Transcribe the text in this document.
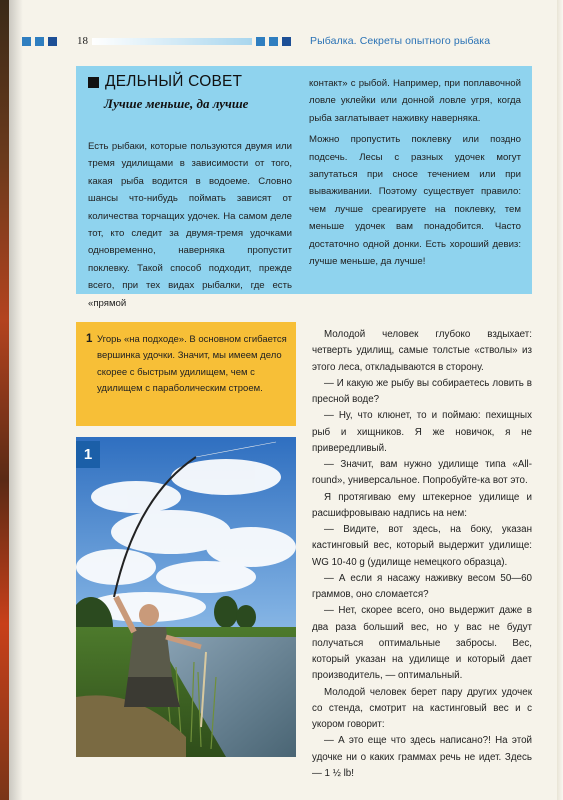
18	Рыбалка. Секреты опытного рыбака
ДЕЛЬНЫЙ СОВЕТ
Лучше меньше, да лучше

Есть рыбаки, которые пользуются двумя или тремя удилищами в зависимости от того, какая рыба водится в водоеме. Словно шансы что-нибудь поймать зависят от количества торчащих удочек. На самом деле тот, кто следит за двумя-тремя удочками одновременно, наверняка пропустит поклевку. Такой способ подходит, прежде всего, при тех видах рыбалки, где есть «прямой

контакт» с рыбой. Например, при поплавочной ловле уклейки или донной ловле угря, когда рыба заглатывает наживку наверняка.

Можно пропустить поклевку или поздно подсечь. Лесы с разных удочек могут запутаться при сносе течением или при вываживании. Поэтому существует правило: чем лучше среагируете на поклевку, тем меньше удочек вам понадобится. Часто достаточно одной донки. Есть хороший девиз: лучше меньше, да лучше!

1 Угорь «на подходе». В основном сгибается вершинка удочки. Значит, мы имеем дело скорее с быстрым удилищем, чем с удилищем с параболическим строем.
1

Молодой человек глубоко вздыхает: четверть удилищ, самые толстые «стволы» из этого леса, откладываются в сторону.

— И какую же рыбу вы собираетесь ловить в пресной воде?

— Ну, что клюнет, то и поймаю: пехищных рыб и хищников. Я же новичок, я не привередливый.

— Значит, вам нужно удилище типа «All-round», универсальное. Попробуйте-ка вот это.

Я протягиваю ему штекерное удилище и расшифровываю надпись на нем:

— Видите, вот здесь, на боку, указан кастинговый вес, который выдержит удилище: WG 10-40 g (удилище немецкого образца).

— А если я насажу наживку весом 50—60 граммов, оно сломается?

— Нет, скорее всего, оно выдержит даже в два раза больший вес, но у вас не будут получаться оптимальные забросы. Вес, который указан на удилище и который дает производитель, — оптимальный.

Молодой человек берет пару других удочек со стенда, смотрит на кастинговый вес и с укором говорит:

— А это еще что здесь написано?! На этой удочке ни о каких граммах речь не идет. Здесь — 1 ½ lb!
